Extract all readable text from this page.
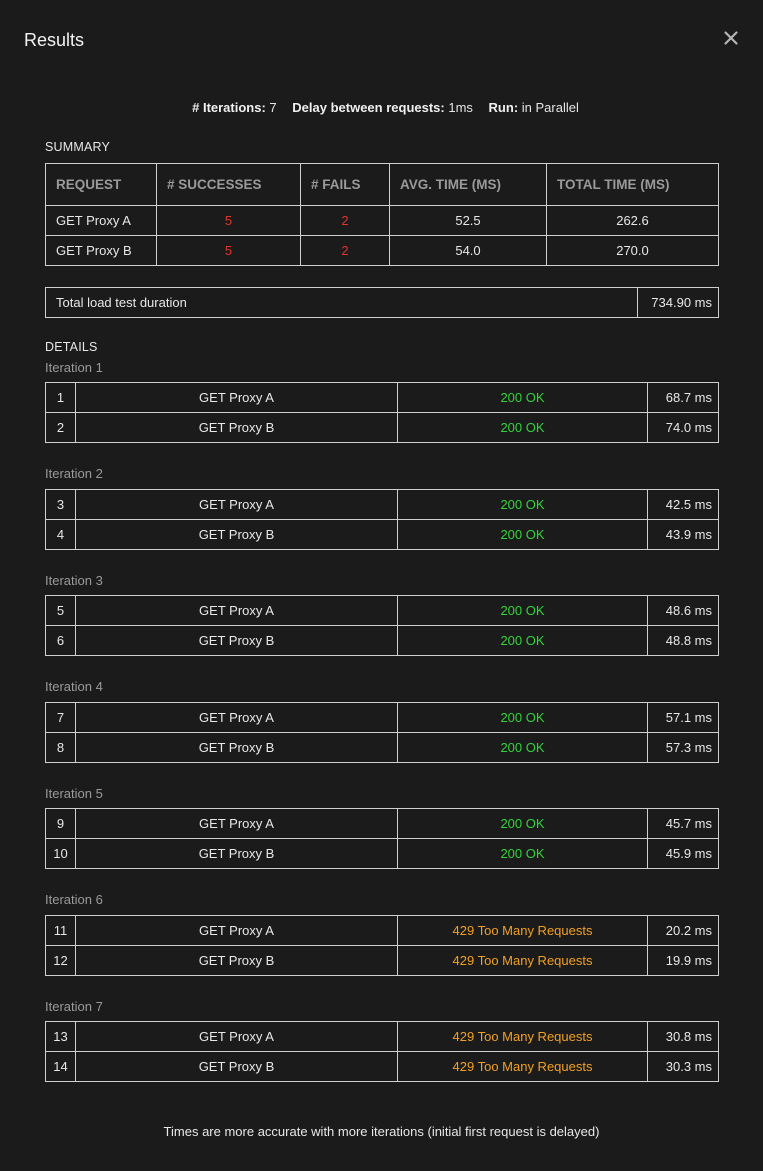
Results
# Iterations: 7 Delay between requests: 1ms Run: in Parallel
SUMMARY
REQUEST	# SUCCESSES	# FAILS	AVG. TIME (MS)	TOTAL TIME (MS)
GET Proxy A	5	2	52.5	262.6
GET Proxy B	5	2	54.0	270.0
Total load test duration	734.90 ms
DETAILS
Iteration 1
1	GET Proxy A	200 OK	68.7 ms
2	GET Proxy B	200 OK	74.0 ms
Iteration 2
3	GET Proxy A	200 OK	42.5 ms
4	GET Proxy B	200 OK	43.9 ms
Iteration 3
5	GET Proxy A	200 OK	48.6 ms
6	GET Proxy B	200 OK	48.8 ms
Iteration 4
7	GET Proxy A	200 OK	57.1 ms
8	GET Proxy B	200 OK	57.3 ms
Iteration 5
9	GET Proxy A	200 OK	45.7 ms
10	GET Proxy B	200 OK	45.9 ms
Iteration 6
11	GET Proxy A	429 Too Many Requests	20.2 ms
12	GET Proxy B	429 Too Many Requests	19.9 ms
Iteration 7
13	GET Proxy A	429 Too Many Requests	30.8 ms
14	GET Proxy B	429 Too Many Requests	30.3 ms
Times are more accurate with more iterations (initial first request is delayed)
